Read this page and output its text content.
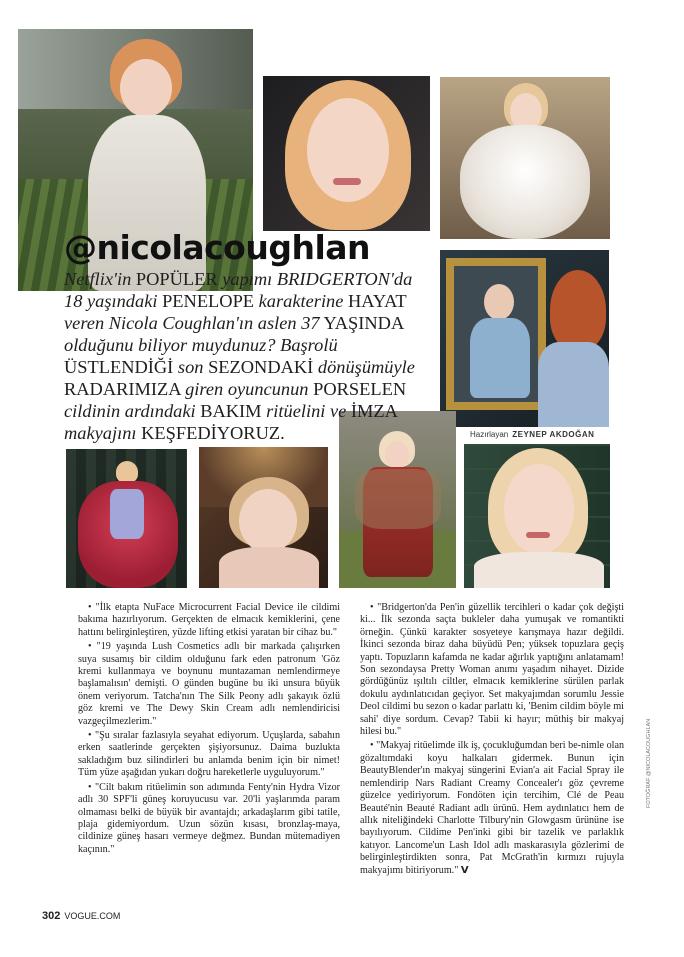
@nicolacoughlan
Netflix'in POPÜLER yapımı BRIDGERTON'da 18 yaşındaki PENELOPE karakterine HAYAT veren Nicola Coughlan'ın aslen 37 YAŞINDA olduğunu biliyor muydunuz? Başrolü ÜSTLENDİĞİ son SEZONDAKİ dönüşümüyle RADARIMIZA giren oyuncunun PORSELEN cildinin ardındaki BAKIM ritüelini ve İMZA makyajını KEŞFEDİYORUZ.	Hazırlayan ZEYNEP AKDOĞAN

• "İlk etapta NuFace Microcurrent Facial Device ile cildimi bakıma hazırlıyorum. Gerçekten de elmacık kemiklerini, çene hattını belirginleştiren, yüzde lifting etkisi yaratan bir cihaz bu."

• "19 yaşında Lush Cosmetics adlı bir markada çalışırken suya susamış bir cildim olduğunu fark eden patronum 'Göz kremi kullanmaya ve boynunu muntazaman nemlendirmeye başlamalısın' demişti. O günden bugüne bu iki unsura büyük önem veriyorum. Tatcha'nın The Silk Peony adlı şakayık özlü göz kremi ve The Dewy Skin Cream adlı nemlendiricisi vazgeçilmezlerim."

• "Şu sıralar fazlasıyla seyahat ediyorum. Uçuşlarda, sabahın erken saatlerinde gerçekten şişiyorsunuz. Daima buzlukta sakladığım buz silindirleri bu anlamda benim için bir nimet! Tüm yüze aşağıdan yukarı doğru hareketlerle uyguluyorum."

• "Cilt bakım ritüelimin son adımında Fenty'nin Hydra Vizor adlı 30 SPF'li güneş koruyucusu var. 20'li yaşlarımda param olmaması belki de büyük bir avantajdı; arkadaşlarım gibi tatile, plaja gidemiyordum. Uzun sözün kısası, bronzlaş-maya, cildinize güneş hasarı vermeye değmez. Bundan mütemadiyen kaçının."

• "Bridgerton'da Pen'in güzellik tercihleri o kadar çok değişti ki... İlk sezonda saçta bukleler daha yumuşak ve romantikti örneğin. Çünkü karakter sosyeteye karışmaya hazır değildi. İkinci sezonda biraz daha büyüdü Pen; yüksek topuzlara geçiş yaptı. Topuzların kafamda ne kadar ağırlık yaptığını anlatamam! Son sezondaysa Pretty Woman anımı yaşadım nihayet. Dizide gördüğünüz ışıltılı ciltler, elmacık kemiklerine sürülen parlak dokulu aydınlatıcıdan geçiyor. Set makyajımdan sorumlu Jessie Deol cildimi bu sezon o kadar parlattı ki, 'Benim cildim böyle mi sahi' diye sordum. Cevap? Tabii ki hayır; müthiş bir makyaj hilesi bu."

• "Makyaj ritüelimde ilk iş, çocukluğumdan beri be-nimle olan gözaltımdaki koyu halkaları gidermek. Bunun için BeautyBlender'ın makyaj süngerini Evian'a ait Facial Spray ile nemlendirip Nars Radiant Creamy Concealer'ı göz çevreme güzelce yediriyorum. Fondöten için tercihim, Clé de Peau Beauté'nin Beauté Radiant adlı ürünü. Hem aydınlatıcı hem de allık niteliğindeki Charlotte Tilbury'nin Glowgasm ürününe ise bayılıyorum. Cildime Pen'inki gibi bir tazelik ve parlaklık katıyor. Lancome'un Lash Idol adlı maskarasıyla gözlerimi de belirginleştirdikten sonra, Pat McGrath'in kırmızı rujuyla makyajımı bitiriyorum." V

FOTOĞRAF @NICOLACOUGHLAN
302 VOGUE.COM
